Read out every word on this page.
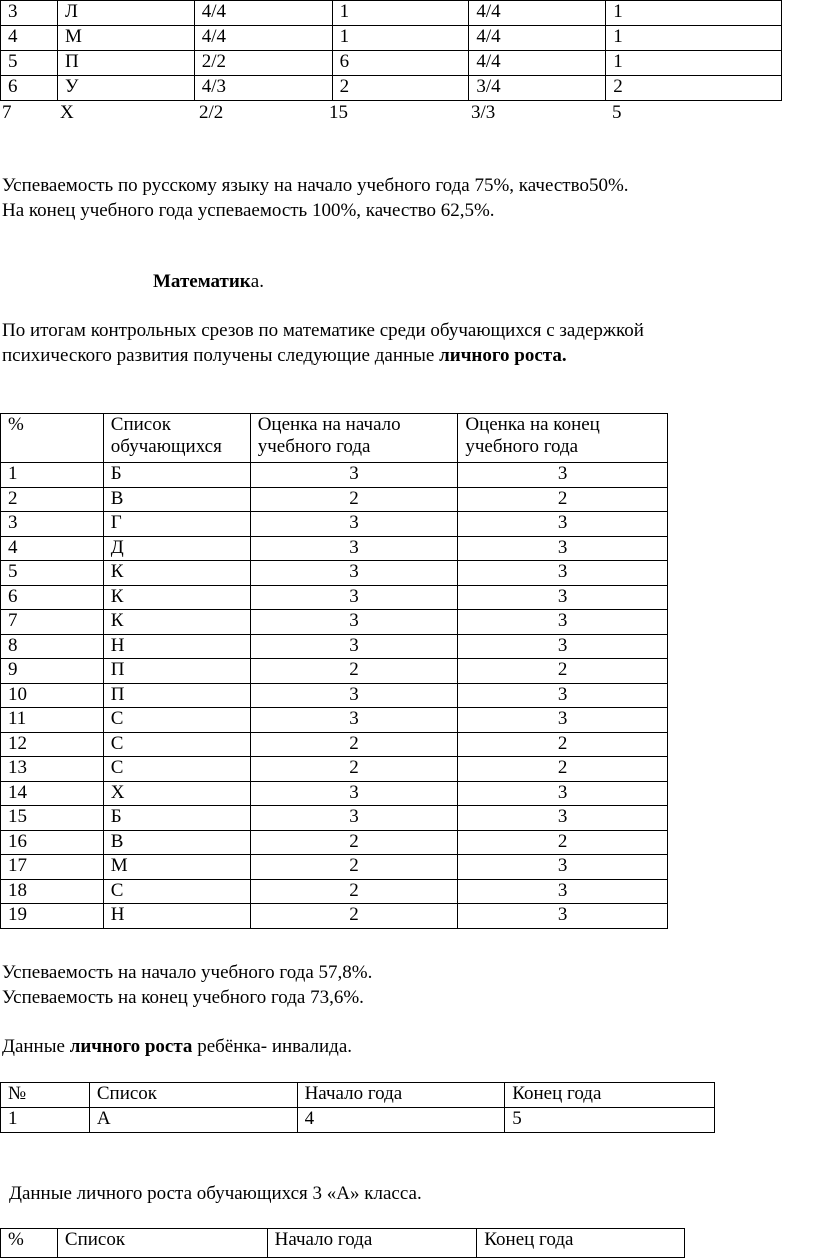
3	Л	4/4	1	4/4	1
4	М	4/4	1	4/4	1
5	П	2/2	6	4/4	1
6	У	4/3	2	3/4	2
7	Х	2/2	15	3/3	5
Успеваемость по русскому языку на начало учебного года 75%, качество50%.
На конец учебного года успеваемость 100%, качество 62,5%.
Математика.
По итогам контрольных срезов по математике среди обучающихся с задержкой
психического развития получены следующие данные личного роста.
%	Список обучающихся	Оценка на начало учебного года	Оценка на конец учебного года
1	Б	3	3
2	В	2	2
3	Г	3	3
4	Д	3	3
5	К	3	3
6	К	3	3
7	К	3	3
8	Н	3	3
9	П	2	2
10	П	3	3
11	С	3	3
12	С	2	2
13	С	2	2
14	Х	3	3
15	Б	3	3
16	В	2	2
17	М	2	3
18	С	2	3
19	Н	2	3
Успеваемость на начало учебного года 57,8%.
Успеваемость на конец учебного года 73,6%.
Данные личного роста ребёнка- инвалида.
№	Список	Начало года	Конец года
1	А	4	5
Данные личного роста обучающихся 3 «А» класса.
%	Список	Начало года	Конец года
